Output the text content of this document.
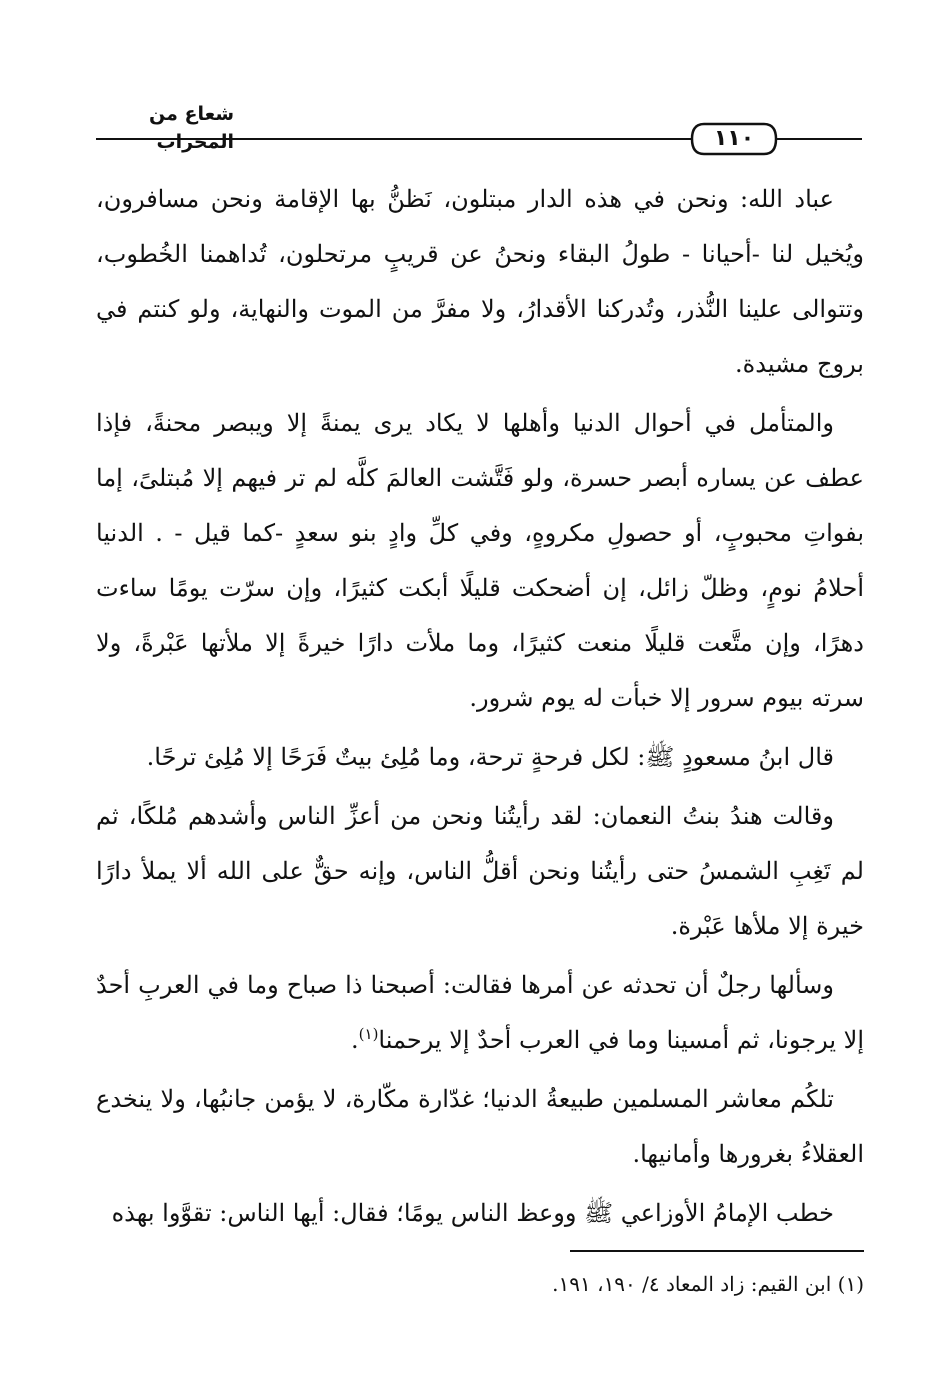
شعاع من المحراب	١١٠

عباد الله: ونحن في هذه الدار مبتلون، نَظنُّ بها الإقامة ونحن مسافرون، ويُخيل لنا -أحيانا - طولُ البقاء ونحنُ عن قريبٍ مرتحلون، تُداهمنا الخُطوب، وتتوالى علينا النُّذر، وتُدركنا الأقدارُ، ولا مفرَّ من الموت والنهاية، ولو كنتم في بروج مشيدة.

والمتأمل في أحوال الدنيا وأهلها لا يكاد يرى يمنةً إلا ويبصر محنةً، فإذا عطف عن يساره أبصر حسرة، ولو فَتَّشت العالمَ كلَّه لم تر فيهم إلا مُبتلىً، إما بفواتِ محبوبٍ، أو حصولِ مكروهٍ، وفي كلِّ وادٍ بنو سعدٍ -كما قيل - . الدنيا أحلامُ نومٍ، وظلّ زائل، إن أضحكت قليلًا أبكت كثيرًا، وإن سرّت يومًا ساءت دهرًا، وإن متَّعت قليلًا منعت كثيرًا، وما ملأت دارًا خيرةً إلا ملأتها عَبْرةً، ولا سرته بيوم سرور إلا خبأت له يوم شرور.

قال ابنُ مسعودٍ ﷺ: لكل فرحةٍ ترحة، وما مُلِئ بيتٌ فَرَحًا إلا مُلِئ ترحًا.

وقالت هندُ بنتُ النعمان: لقد رأيتُنا ونحن من أعزِّ الناس وأشدهم مُلكًا، ثم لم تَغِبِ الشمسُ حتى رأيتُنا ونحن أقلُّ الناس، وإنه حقٌّ على الله ألا يملأ دارًا خيرة إلا ملأها عَبْرة.

وسألها رجلٌ أن تحدثه عن أمرها فقالت: أصبحنا ذا صباح وما في العربِ أحدٌ إلا يرجونا، ثم أمسينا وما في العرب أحدٌ إلا يرحمنا$^{(١)}$.

تلكُم معاشر المسلمين طبيعةُ الدنيا؛ غدّارة مكّارة، لا يؤمن جانبُها، ولا ينخدع العقلاءُ بغرورها وأمانيها.

خطب الإمامُ الأوزاعي ﷺ ووعظ الناس يومًا؛ فقال: أيها الناس: تقوَّوا بهذه

(١) ابن القيم: زاد المعاد ٤/ ١٩٠، ١٩١.
